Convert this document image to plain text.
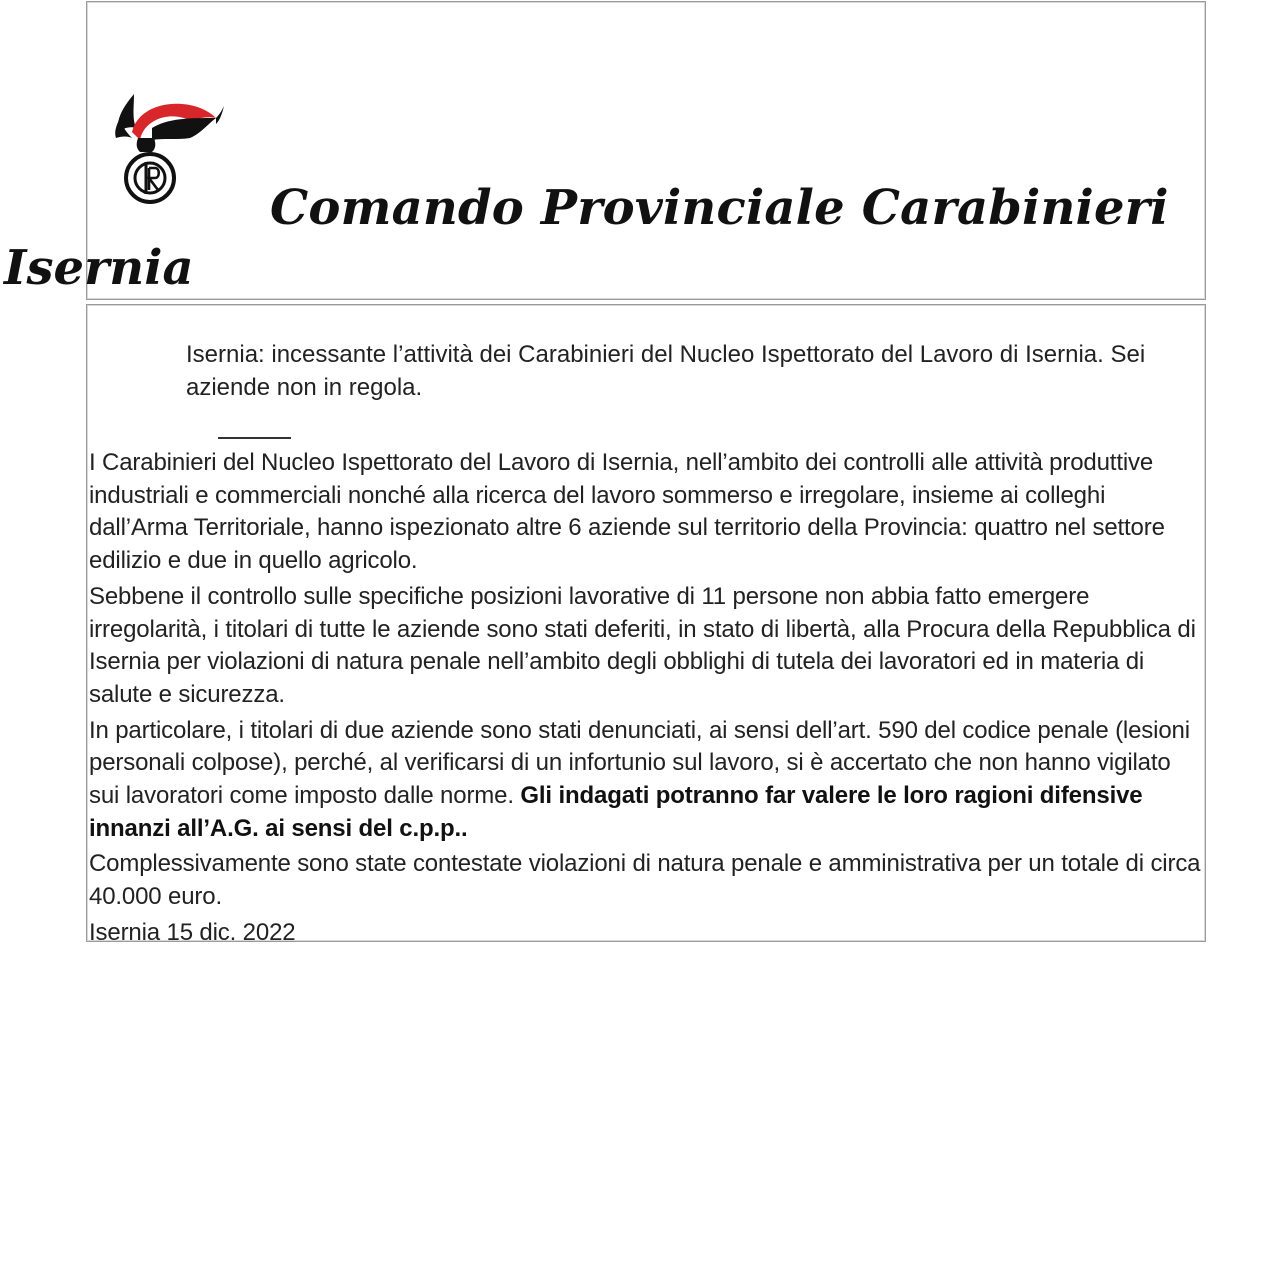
Comando Provinciale Carabinieri
Isernia

Isernia: incessante l’attività dei Carabinieri del Nucleo Ispettorato del Lavoro di Isernia. Sei aziende non in regola.

I Carabinieri del Nucleo Ispettorato del Lavoro di Isernia, nell’ambito dei controlli alle attività produttive industriali e commerciali nonché alla ricerca del lavoro sommerso e irregolare, insieme ai colleghi dall’Arma Territoriale, hanno ispezionato altre 6 aziende sul territorio della Provincia: quattro nel settore edilizio e due in quello agricolo.

Sebbene il controllo sulle specifiche posizioni lavorative di 11 persone non abbia fatto emergere irregolarità, i titolari di tutte le aziende sono stati deferiti, in stato di libertà, alla Procura della Repubblica di Isernia per violazioni di natura penale nell’ambito degli obblighi di tutela dei lavoratori ed in materia di salute e sicurezza.

In particolare, i titolari di due aziende sono stati denunciati, ai sensi dell’art. 590 del codice penale (lesioni personali colpose), perché, al verificarsi di un infortunio sul lavoro, si è accertato che non hanno vigilato sui lavoratori come imposto dalle norme. Gli indagati potranno far valere le loro ragioni difensive innanzi all’A.G. ai sensi del c.p.p..

Complessivamente sono state contestate violazioni di natura penale e amministrativa per un totale di circa 40.000 euro.

Isernia 15 dic. 2022
